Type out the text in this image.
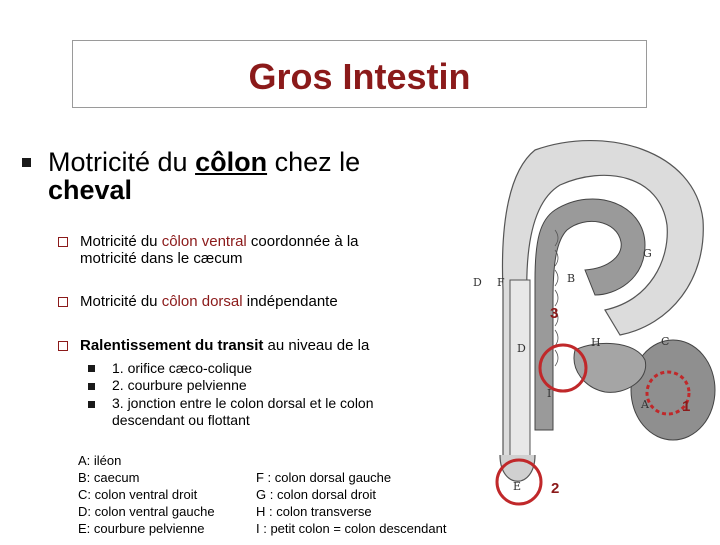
Gros Intestin
Motricité du côlon chez le
cheval
Motricité du côlon ventral coordonnée à la
motricité dans le cæcum
Motricité du côlon dorsal indépendante
Ralentissement du transit au niveau de la
1. orifice cæco-colique
2. courbure pelvienne
3. jonction entre le colon dorsal et le colon
descendant ou flottant
A: iléon
B: caecum
C: colon ventral droit
D: colon ventral gauche
E: courbure pelvienne
F : colon dorsal gauche
G : colon dorsal droit
H : colon transverse
I : petit colon = colon descendant
D F
G
B
D	H	C
I
A
E
3
1
2
